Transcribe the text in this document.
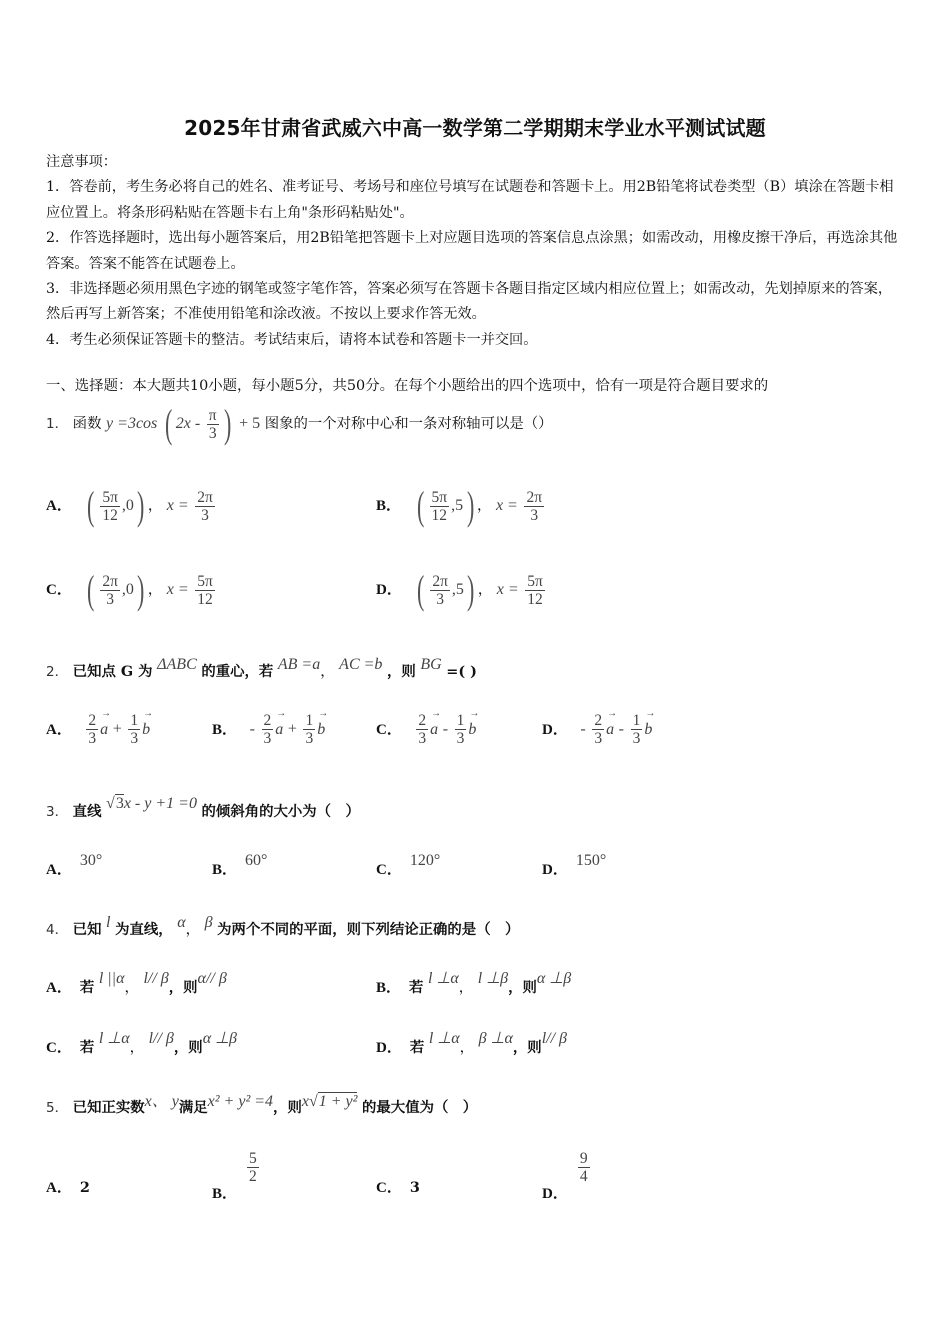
2025年甘肃省武威六中高一数学第二学期期末学业水平测试试题

注意事项：

1．答卷前，考生务必将自己的姓名、准考证号、考场号和座位号填写在试题卷和答题卡上。用2B铅笔将试卷类型（B）填涂在答题卡相应位置上。将条形码粘贴在答题卡右上角"条形码粘贴处"。

2．作答选择题时，选出每小题答案后，用2B铅笔把答题卡上对应题目选项的答案信息点涂黑；如需改动，用橡皮擦干净后，再选涂其他答案。答案不能答在试题卷上。

3．非选择题必须用黑色字迹的钢笔或签字笔作答，答案必须写在答题卡各题目指定区域内相应位置上；如需改动，先划掉原来的答案，然后再写上新答案；不准使用铅笔和涂改液。不按以上要求作答无效。

4．考生必须保证答题卡的整洁。考试结束后，请将本试卷和答题卡一并交回。

一、选择题：本大题共10小题，每小题5分，共50分。在每个小题给出的四个选项中，恰有一项是符合题目要求的
1． 函数 y =3cos ( $2x - \frac{\pi}{3}$ ) + 5 图象的一个对称中心和一条对称轴可以是（）
A． ( $\frac{5\pi}{12} ,0$ ) ， $x = \frac{2\pi}{3}$	B． ( $\frac{5\pi}{12} ,5$ ) ， $x = \frac{2\pi}{3}$
C． ( $\frac{2\pi}{3} ,0$ ) ， $x = \frac{5\pi}{12}$	D． ( $\frac{2\pi}{3} ,5$ ) ， $x = \frac{5\pi}{12}$
2． 已知点 G 为 ΔABC 的重心，若 AB =a， AC =b ，则 BG =( )
A． $\frac{2}{3}$
→ $a + \frac{1}{3}$
→ b	B． - $\frac{2}{3}$
→ $a + \frac{1}{3}$
→ b	C． $\frac{2}{3}$
→ a - $\frac{1}{3}$
→ b	D． - $\frac{2}{3}$
→ a - $\frac{1}{3}$
→ b
3． 直线 √3x - y +1 =0 的倾斜角的大小为（　）
A．30°
B．60°
C．120°
D．150°
4． 已知 l 为直线， α， β 为两个不同的平面，则下列结论正确的是（　）
A． 若 l ||α， l// β，则α// β
B． 若 l ⊥α， l ⊥β，则α ⊥β
C． 若 l ⊥α， l// β，则α ⊥β
D． 若 l ⊥α， β ⊥α，则l// β
5． 已知正实数x、 y满足x² + y² =4，则x√1 + y² 的最大值为（　）
A． 2	B．
$\frac{5}{2}$
C． 3	D．
$\frac{9}{4}$
